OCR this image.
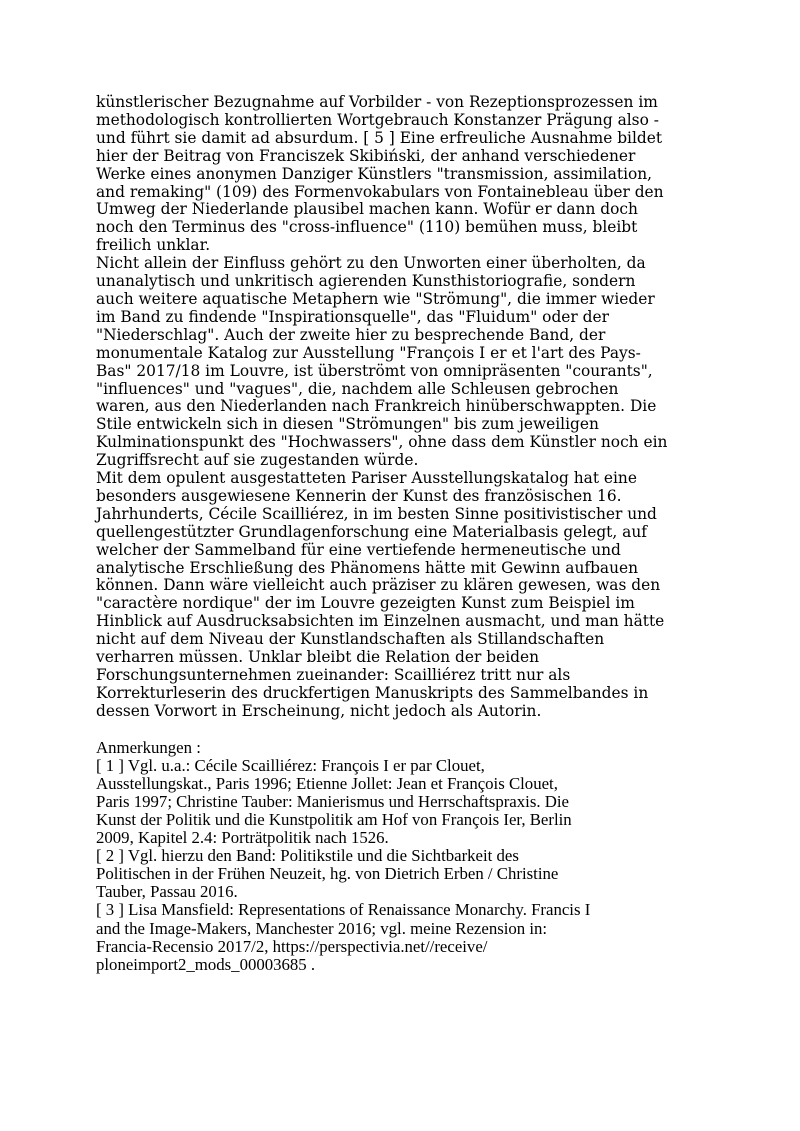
künstlerischer Bezugnahme auf Vorbilder - von Rezeptionsprozessen im
methodologisch kontrollierten Wortgebrauch Konstanzer Prägung also -
und führt sie damit ad absurdum. [ 5 ] Eine erfreuliche Ausnahme bildet
hier der Beitrag von Franciszek Skibiński, der anhand verschiedener
Werke eines anonymen Danziger Künstlers "transmission, assimilation,
and remaking" (109) des Formenvokabulars von Fontainebleau über den
Umweg der Niederlande plausibel machen kann. Wofür er dann doch
noch den Terminus des "cross-influence" (110) bemühen muss, bleibt
freilich unklar.

Nicht allein der Einfluss gehört zu den Unworten einer überholten, da
unanalytisch und unkritisch agierenden Kunsthistoriografie, sondern
auch weitere aquatische Metaphern wie "Strömung", die immer wieder
im Band zu findende "Inspirationsquelle", das "Fluidum" oder der
"Niederschlag". Auch der zweite hier zu besprechende Band, der
monumentale Katalog zur Ausstellung "François I er et l'art des Pays-
Bas" 2017/18 im Louvre, ist überströmt von omnipräsenten "courants",
"influences" und "vagues", die, nachdem alle Schleusen gebrochen
waren, aus den Niederlanden nach Frankreich hinüberschwappten. Die
Stile entwickeln sich in diesen "Strömungen" bis zum jeweiligen
Kulminationspunkt des "Hochwassers", ohne dass dem Künstler noch ein
Zugriffsrecht auf sie zugestanden würde.

Mit dem opulent ausgestatteten Pariser Ausstellungskatalog hat eine
besonders ausgewiesene Kennerin der Kunst des französischen 16.
Jahrhunderts, Cécile Scailliérez, in im besten Sinne positivistischer und
quellengestützter Grundlagenforschung eine Materialbasis gelegt, auf
welcher der Sammelband für eine vertiefende hermeneutische und
analytische Erschließung des Phänomens hätte mit Gewinn aufbauen
können. Dann wäre vielleicht auch präziser zu klären gewesen, was den
"caractère nordique" der im Louvre gezeigten Kunst zum Beispiel im
Hinblick auf Ausdrucksabsichten im Einzelnen ausmacht, und man hätte
nicht auf dem Niveau der Kunstlandschaften als Stillandschaften
verharren müssen. Unklar bleibt die Relation der beiden
Forschungsunternehmen zueinander: Scailliérez tritt nur als
Korrekturleserin des druckfertigen Manuskripts des Sammelbandes in
dessen Vorwort in Erscheinung, nicht jedoch als Autorin.

Anmerkungen :

[ 1 ] Vgl. u.a.: Cécile Scailliérez: François I er par Clouet,
Ausstellungskat., Paris 1996; Etienne Jollet: Jean et François Clouet,
Paris 1997; Christine Tauber: Manierismus und Herrschaftspraxis. Die
Kunst der Politik und die Kunstpolitik am Hof von François Ier, Berlin
2009, Kapitel 2.4: Porträtpolitik nach 1526.

[ 2 ] Vgl. hierzu den Band: Politikstile und die Sichtbarkeit des
Politischen in der Frühen Neuzeit, hg. von Dietrich Erben / Christine
Tauber, Passau 2016.

[ 3 ] Lisa Mansfield: Representations of Renaissance Monarchy. Francis I
and the Image-Makers, Manchester 2016; vgl. meine Rezension in:
Francia-Recensio 2017/2, https://perspectivia.net//receive/
ploneimport2_mods_00003685 .
